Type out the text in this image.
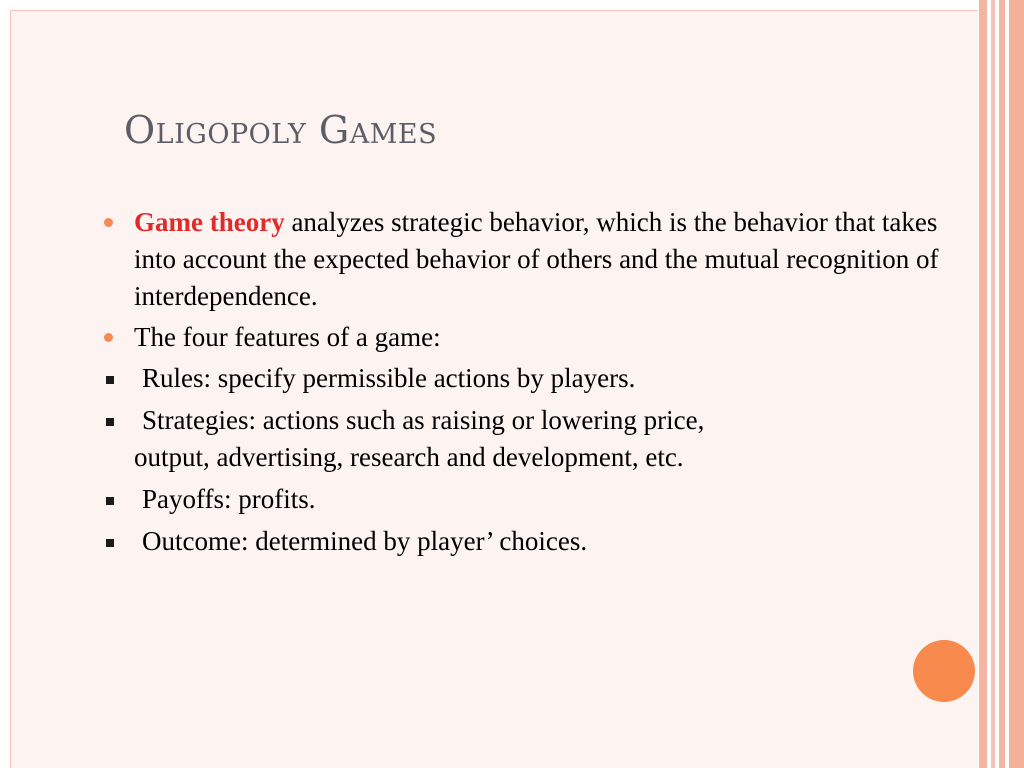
Oligopoly Games
Game theory analyzes strategic behavior, which is the behavior that takes into account the expected behavior of others and the mutual recognition of interdependence.
The four features of a game:
Rules: specify permissible actions by players.
Strategies: actions such as raising or lowering price,
output, advertising, research and development, etc.
Payoffs: profits.
Outcome: determined by player’ choices.
